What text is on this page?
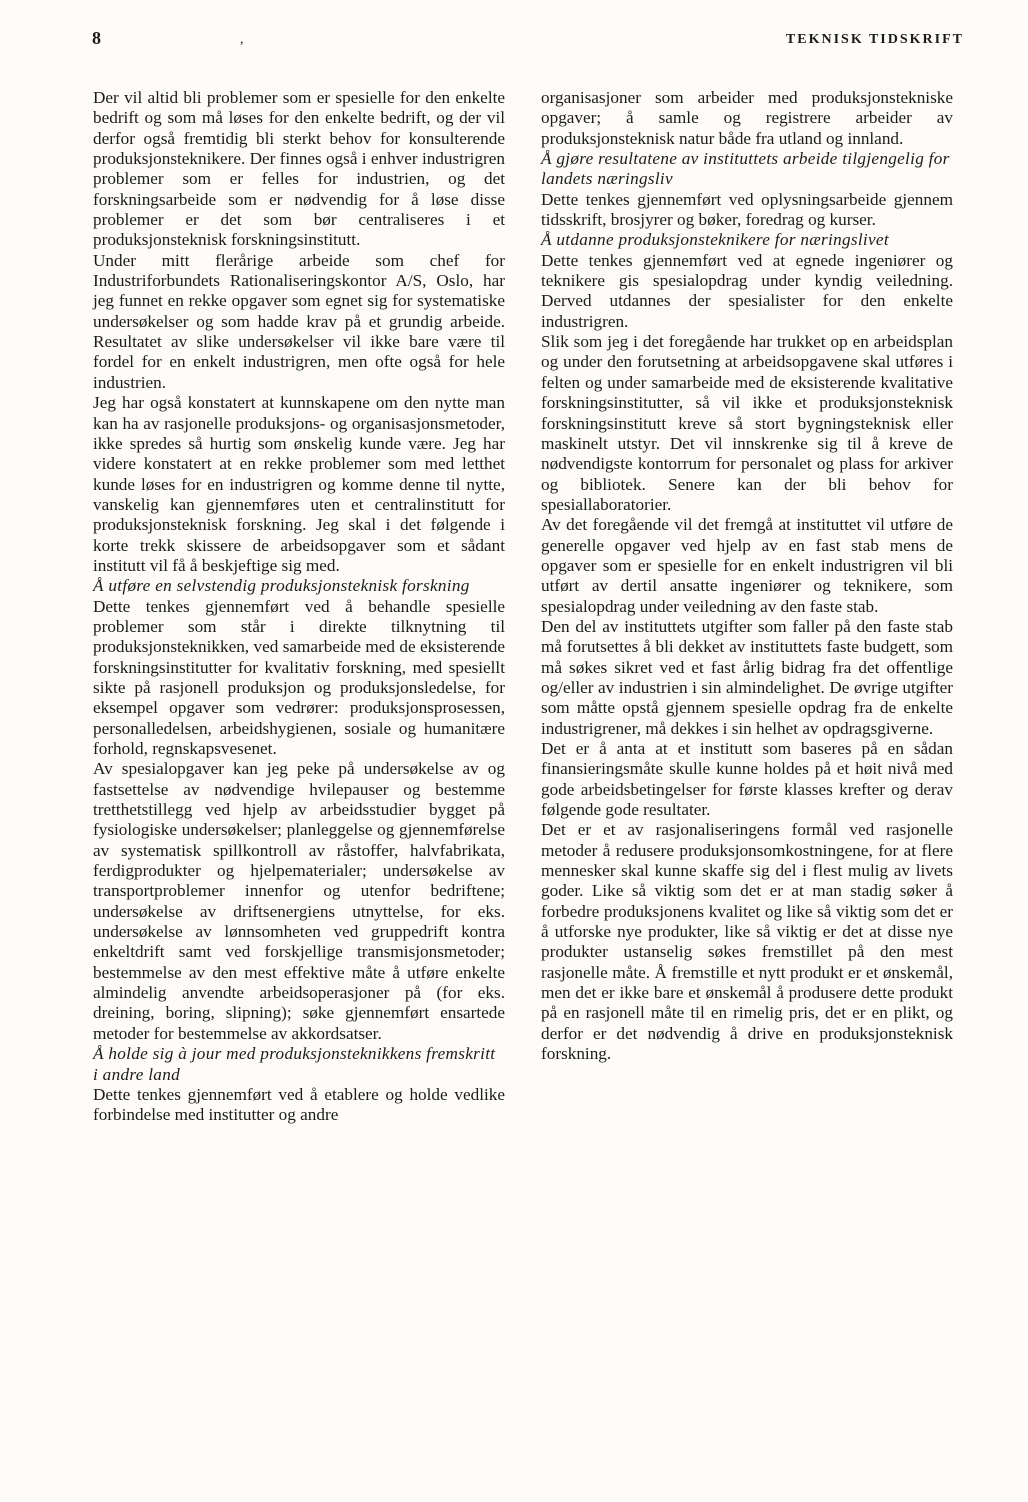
8	,	TEKNISK TIDSKRIFT

Der vil altid bli problemer som er spesielle for den enkelte bedrift og som må løses for den enkelte bedrift, og der vil derfor også fremtidig bli sterkt behov for konsulterende produksjonsteknikere. Der finnes også i enhver industrigren problemer som er felles for industrien, og det forskningsarbeide som er nødvendig for å løse disse problemer er det som bør centraliseres i et produksjonsteknisk forskningsinstitutt.

Under mitt flerårige arbeide som chef for Industriforbundets Rationaliseringskontor A/S, Oslo, har jeg funnet en rekke opgaver som egnet sig for systematiske undersøkelser og som hadde krav på et grundig arbeide. Resultatet av slike undersøkelser vil ikke bare være til fordel for en enkelt industrigren, men ofte også for hele industrien.

Jeg har også konstatert at kunnskapene om den nytte man kan ha av rasjonelle produksjons- og organisasjonsmetoder, ikke spredes så hurtig som ønskelig kunde være. Jeg har videre konstatert at en rekke problemer som med letthet kunde løses for en industrigren og komme denne til nytte, vanskelig kan gjennemføres uten et centralinstitutt for produksjonsteknisk forskning. Jeg skal i det følgende i korte trekk skissere de arbeidsopgaver som et sådant institutt vil få å beskjeftige sig med.

Å utføre en selvstendig produksjonsteknisk forskning

Dette tenkes gjennemført ved å behandle spesielle problemer som står i direkte tilknytning til produksjonsteknikken, ved samarbeide med de eksisterende forskningsinstitutter for kvalitativ forskning, med spesiellt sikte på rasjonell produksjon og produksjonsledelse, for eksempel opgaver som vedrører: produksjonsprosessen, personalledelsen, arbeidshygienen, sosiale og humanitære forhold, regnskapsvesenet.

Av spesialopgaver kan jeg peke på undersøkelse av og fastsettelse av nødvendige hvilepauser og bestemme tretthetstillegg ved hjelp av arbeidsstudier bygget på fysiologiske undersøkelser; planleggelse og gjennemførelse av systematisk spillkontroll av råstoffer, halvfabrikata, ferdigprodukter og hjelpematerialer; undersøkelse av transportproblemer innenfor og utenfor bedriftene; undersøkelse av driftsenergiens utnyttelse, for eks. undersøkelse av lønnsomheten ved gruppedrift kontra enkeltdrift samt ved forskjellige transmisjonsmetoder; bestemmelse av den mest effektive måte å utføre enkelte almindelig anvendte arbeidsoperasjoner på (for eks. dreining, boring, slipning); søke gjennemført ensartede metoder for bestemmelse av akkordsatser.

Å holde sig à jour med produksjonsteknikkens fremskritt i andre land

Dette tenkes gjennemført ved å etablere og holde vedlike forbindelse med institutter og andre

organisasjoner som arbeider med produksjonstekniske opgaver; å samle og registrere arbeider av produksjonsteknisk natur både fra utland og innland.

Å gjøre resultatene av instituttets arbeide tilgjengelig for landets næringsliv

Dette tenkes gjennemført ved oplysningsarbeide gjennem tidsskrift, brosjyrer og bøker, foredrag og kurser.

Å utdanne produksjonsteknikere for næringslivet

Dette tenkes gjennemført ved at egnede ingeniører og teknikere gis spesialopdrag under kyndig veiledning. Derved utdannes der spesialister for den enkelte industrigren.

Slik som jeg i det foregående har trukket op en arbeidsplan og under den forutsetning at arbeidsopgavene skal utføres i felten og under samarbeide med de eksisterende kvalitative forskningsinstitutter, så vil ikke et produksjonsteknisk forskningsinstitutt kreve så stort bygningsteknisk eller maskinelt utstyr. Det vil innskrenke sig til å kreve de nødvendigste kontorrum for personalet og plass for arkiver og bibliotek. Senere kan der bli behov for spesiallaboratorier.

Av det foregående vil det fremgå at instituttet vil utføre de generelle opgaver ved hjelp av en fast stab mens de opgaver som er spesielle for en enkelt industrigren vil bli utført av dertil ansatte ingeniører og teknikere, som spesialopdrag under veiledning av den faste stab.

Den del av instituttets utgifter som faller på den faste stab må forutsettes å bli dekket av instituttets faste budgett, som må søkes sikret ved et fast årlig bidrag fra det offentlige og/eller av industrien i sin almindelighet. De øvrige utgifter som måtte opstå gjennem spesielle opdrag fra de enkelte industrigrener, må dekkes i sin helhet av opdragsgiverne.

Det er å anta at et institutt som baseres på en sådan finansieringsmåte skulle kunne holdes på et høit nivå med gode arbeidsbetingelser for første klasses krefter og derav følgende gode resultater.

Det er et av rasjonaliseringens formål ved rasjonelle metoder å redusere produksjonsomkostningene, for at flere mennesker skal kunne skaffe sig del i flest mulig av livets goder. Like så viktig som det er at man stadig søker å forbedre produksjonens kvalitet og like så viktig som det er å utforske nye produkter, like så viktig er det at disse nye produkter ustanselig søkes fremstillet på den mest rasjonelle måte. Å fremstille et nytt produkt er et ønskemål, men det er ikke bare et ønskemål å produsere dette produkt på en rasjonell måte til en rimelig pris, det er en plikt, og derfor er det nødvendig å drive en produksjonsteknisk forskning.
